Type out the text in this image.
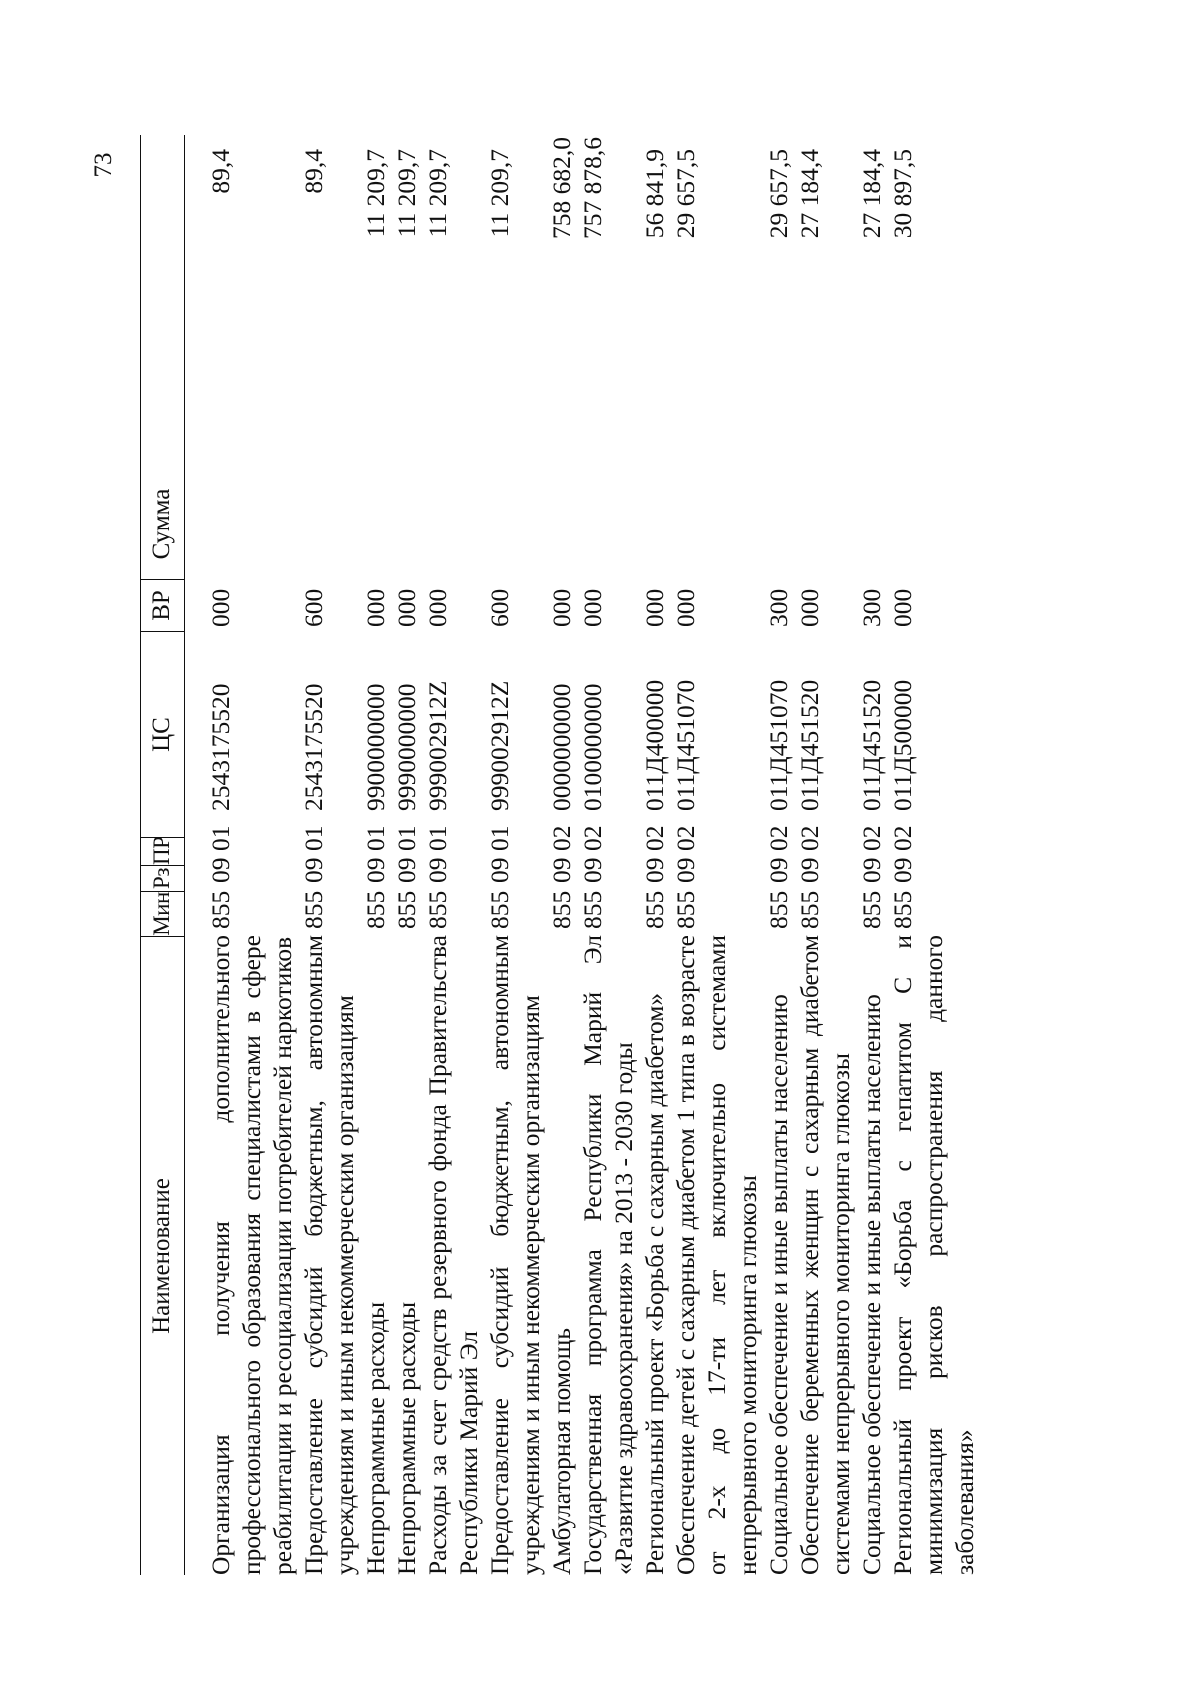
73
Наименование
Мин
Рз
ПР
ЦС
ВР
Сумма
Организация получения дополнительного профессионального образования специалистами в сфере реабилитации и ресоциализации потребителей наркотиков
855
09
01
2543175520
000
89,4
Предоставление субсидий бюджетным, автономным учреждениям и иным некоммерческим организациям
855
09
01
2543175520
600
89,4
Непрограммные расходы
855
09
01
9900000000
000
11 209,7
Непрограммные расходы
855
09
01
9990000000
000
11 209,7
Расходы за счет средств резервного фонда Правительства Республики Марий Эл
855
09
01
999002912Z
000
11 209,7
Предоставление субсидий бюджетным, автономным учреждениям и иным некоммерческим организациям
855
09
01
999002912Z
600
11 209,7
Амбулаторная помощь
855
09
02
0000000000
000
758 682,0
Государственная программа Республики Марий Эл «Развитие здравоохранения» на 2013 - 2030 годы
855
09
02
0100000000
000
757 878,6
Региональный проект «Борьба с сахарным диабетом»
855
09
02
011Д400000
000
56 841,9
Обеспечение детей с сахарным диабетом 1 типа в возрасте от 2-х до 17-ти лет включительно системами непрерывного мониторинга глюкозы
855
09
02
011Д451070
000
29 657,5
Социальное обеспечение и иные выплаты населению
855
09
02
011Д451070
300
29 657,5
Обеспечение беременных женщин с сахарным диабетом системами непрерывного мониторинга глюкозы
855
09
02
011Д451520
000
27 184,4
Социальное обеспечение и иные выплаты населению
855
09
02
011Д451520
300
27 184,4
Региональный проект «Борьба с гепатитом С и минимизация рисков распространения данного заболевания»
855
09
02
011Д500000
000
30 897,5
